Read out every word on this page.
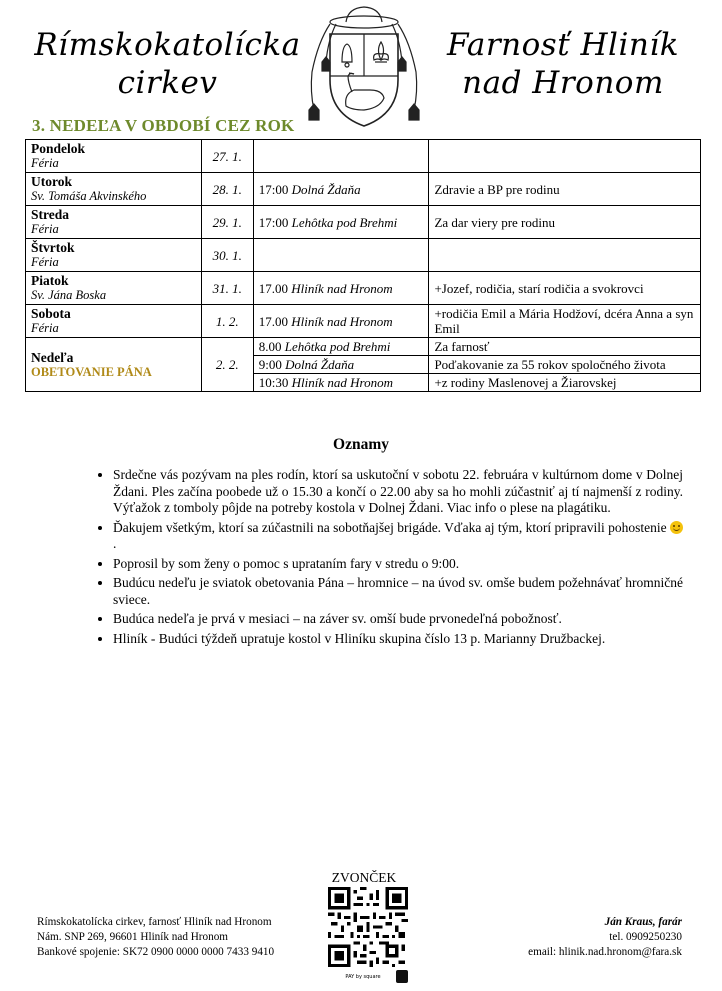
Rímskokatolícka
cirkev
Farnosť Hliník
nad Hronom
3. NEDEĽA V OBDOBÍ CEZ ROK
Pondelok
Féria	27. 1.		

Utorok
Sv. Tomáša Akvinského	28. 1.	17:00 Dolná Ždaňa	Zdravie a BP pre rodinu

Streda
Féria	29. 1.	17:00 Lehôtka pod Brehmi	Za dar viery pre rodinu

Štvrtok
Féria	30. 1.		

Piatok
Sv. Jána Boska	31. 1.	17.00 Hliník nad Hronom	+Jozef, rodičia, starí rodičia a svokrovci

Sobota
Féria	1. 2.	17.00 Hliník nad Hronom	+rodičia Emil a Mária Hodžoví, dcéra Anna a syn Emil

Nedeľa
OBETOVANIE PÁNA	2. 2.	8.00 Lehôtka pod Brehmi	Za farnosť
		9:00 Dolná Ždaňa	Poďakovanie za 55 rokov spoločného života
		10:30 Hliník nad Hronom	+z rodiny Maslenovej a Žiarovskej
Oznamy
• Srdečne vás pozývam na ples rodín, ktorí sa uskutoční v sobotu 22. februára v kultúrnom dome v Dolnej Ždani. Ples začína poobede už o 15.30 a končí o 22.00 aby sa ho mohli zúčastniť aj tí najmenší z rodiny. Výťažok z tomboly pôjde na potreby kostola v Dolnej Ždani. Viac info o plese na plagátiku.
• Ďakujem všetkým, ktorí sa zúčastnili na sobotňajšej brigáde. Vďaka aj tým, ktorí pripravili pohostenie  .
• Poprosil by som ženy o pomoc s uprataním fary v stredu o 9:00.
• Budúcu nedeľu je sviatok obetovania Pána – hromnice – na úvod sv. omše budem požehnávať hromničné sviece.
• Budúca nedeľa je prvá v mesiaci – na záver sv. omší bude prvonedeľná pobožnosť.
• Hliník - Budúci týždeň upratuje kostol v Hliníku skupina číslo 13 p. Marianny Družbackej.
Rímskokatolícka cirkev, farnosť Hliník nad Hronom
Nám. SNP 269, 96601 Hliník nad Hronom
Bankové spojenie: SK72 0900 0000 0000 7433 9410
ZVONČEK
PAY by square
Ján Kraus, farár
tel. 0909250230
email: hlinik.nad.hronom@fara.sk
